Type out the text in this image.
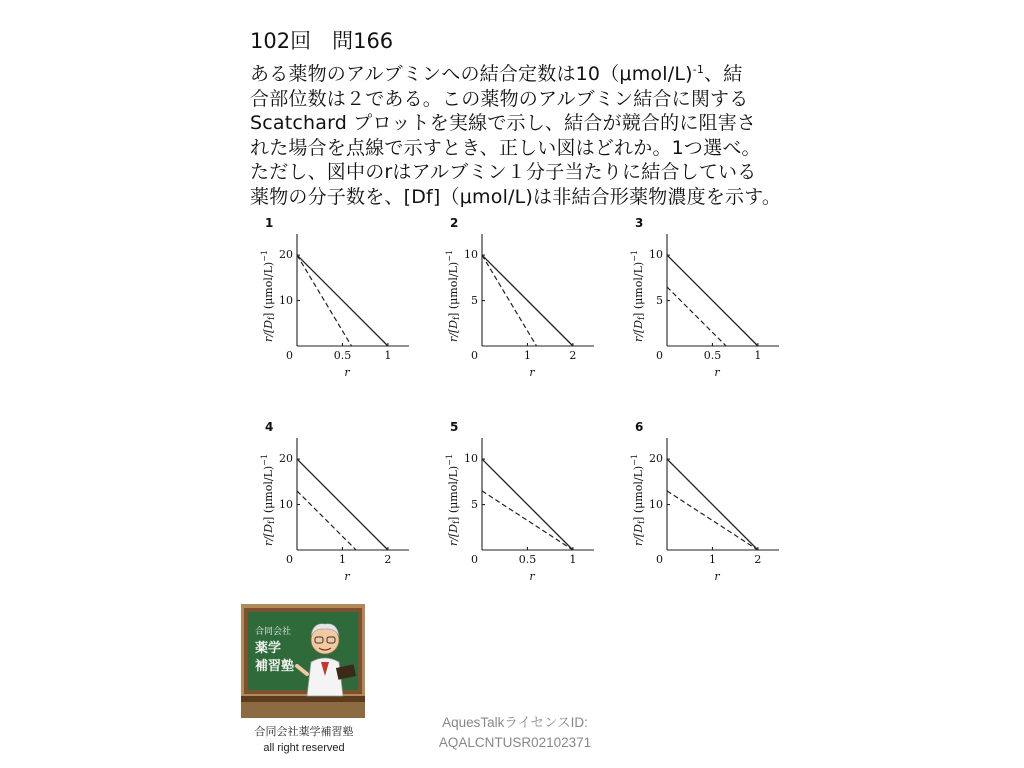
102回　問166
ある薬物のアルブミンへの結合定数は10（μmol/L)$^{-1}$、結
合部位数は２である。この薬物のアルブミン結合に関する
Scatchard プロットを実線で示し、結合が競合的に阻害さ
れた場合を点線で示すとき、正しい図はどれか。1つ選べ。
ただし、図中のrはアルブミン１分子当たりに結合している
薬物の分子数を、[Df]（μmol/L)は非結合形薬物濃度を示す。
1
0
10
20
0.5	1
$r/[D_f]$ $(\mu mol/L)^{-1}$
r
2
0
5
10
1	2
$r/[D_f]$ $(\mu mol/L)^{-1}$
r
3
0
5
10
0.5	1
$r/[D_f]$ $(\mu mol/L)^{-1}$
r
4
0
10
20
1	2
$r/[D_f]$ $(\mu mol/L)^{-1}$
r
5
0
5
10
0.5	1
$r/[D_f]$ $(\mu mol/L)^{-1}$
r
6
0
10
20
1	2
$r/[D_f]$ $(\mu mol/L)^{-1}$
r
合同会社
薬学
補習塾
合同会社薬学補習塾
all right reserved
AquesTalkライセンスID:
AQALCNTUSR02102371
